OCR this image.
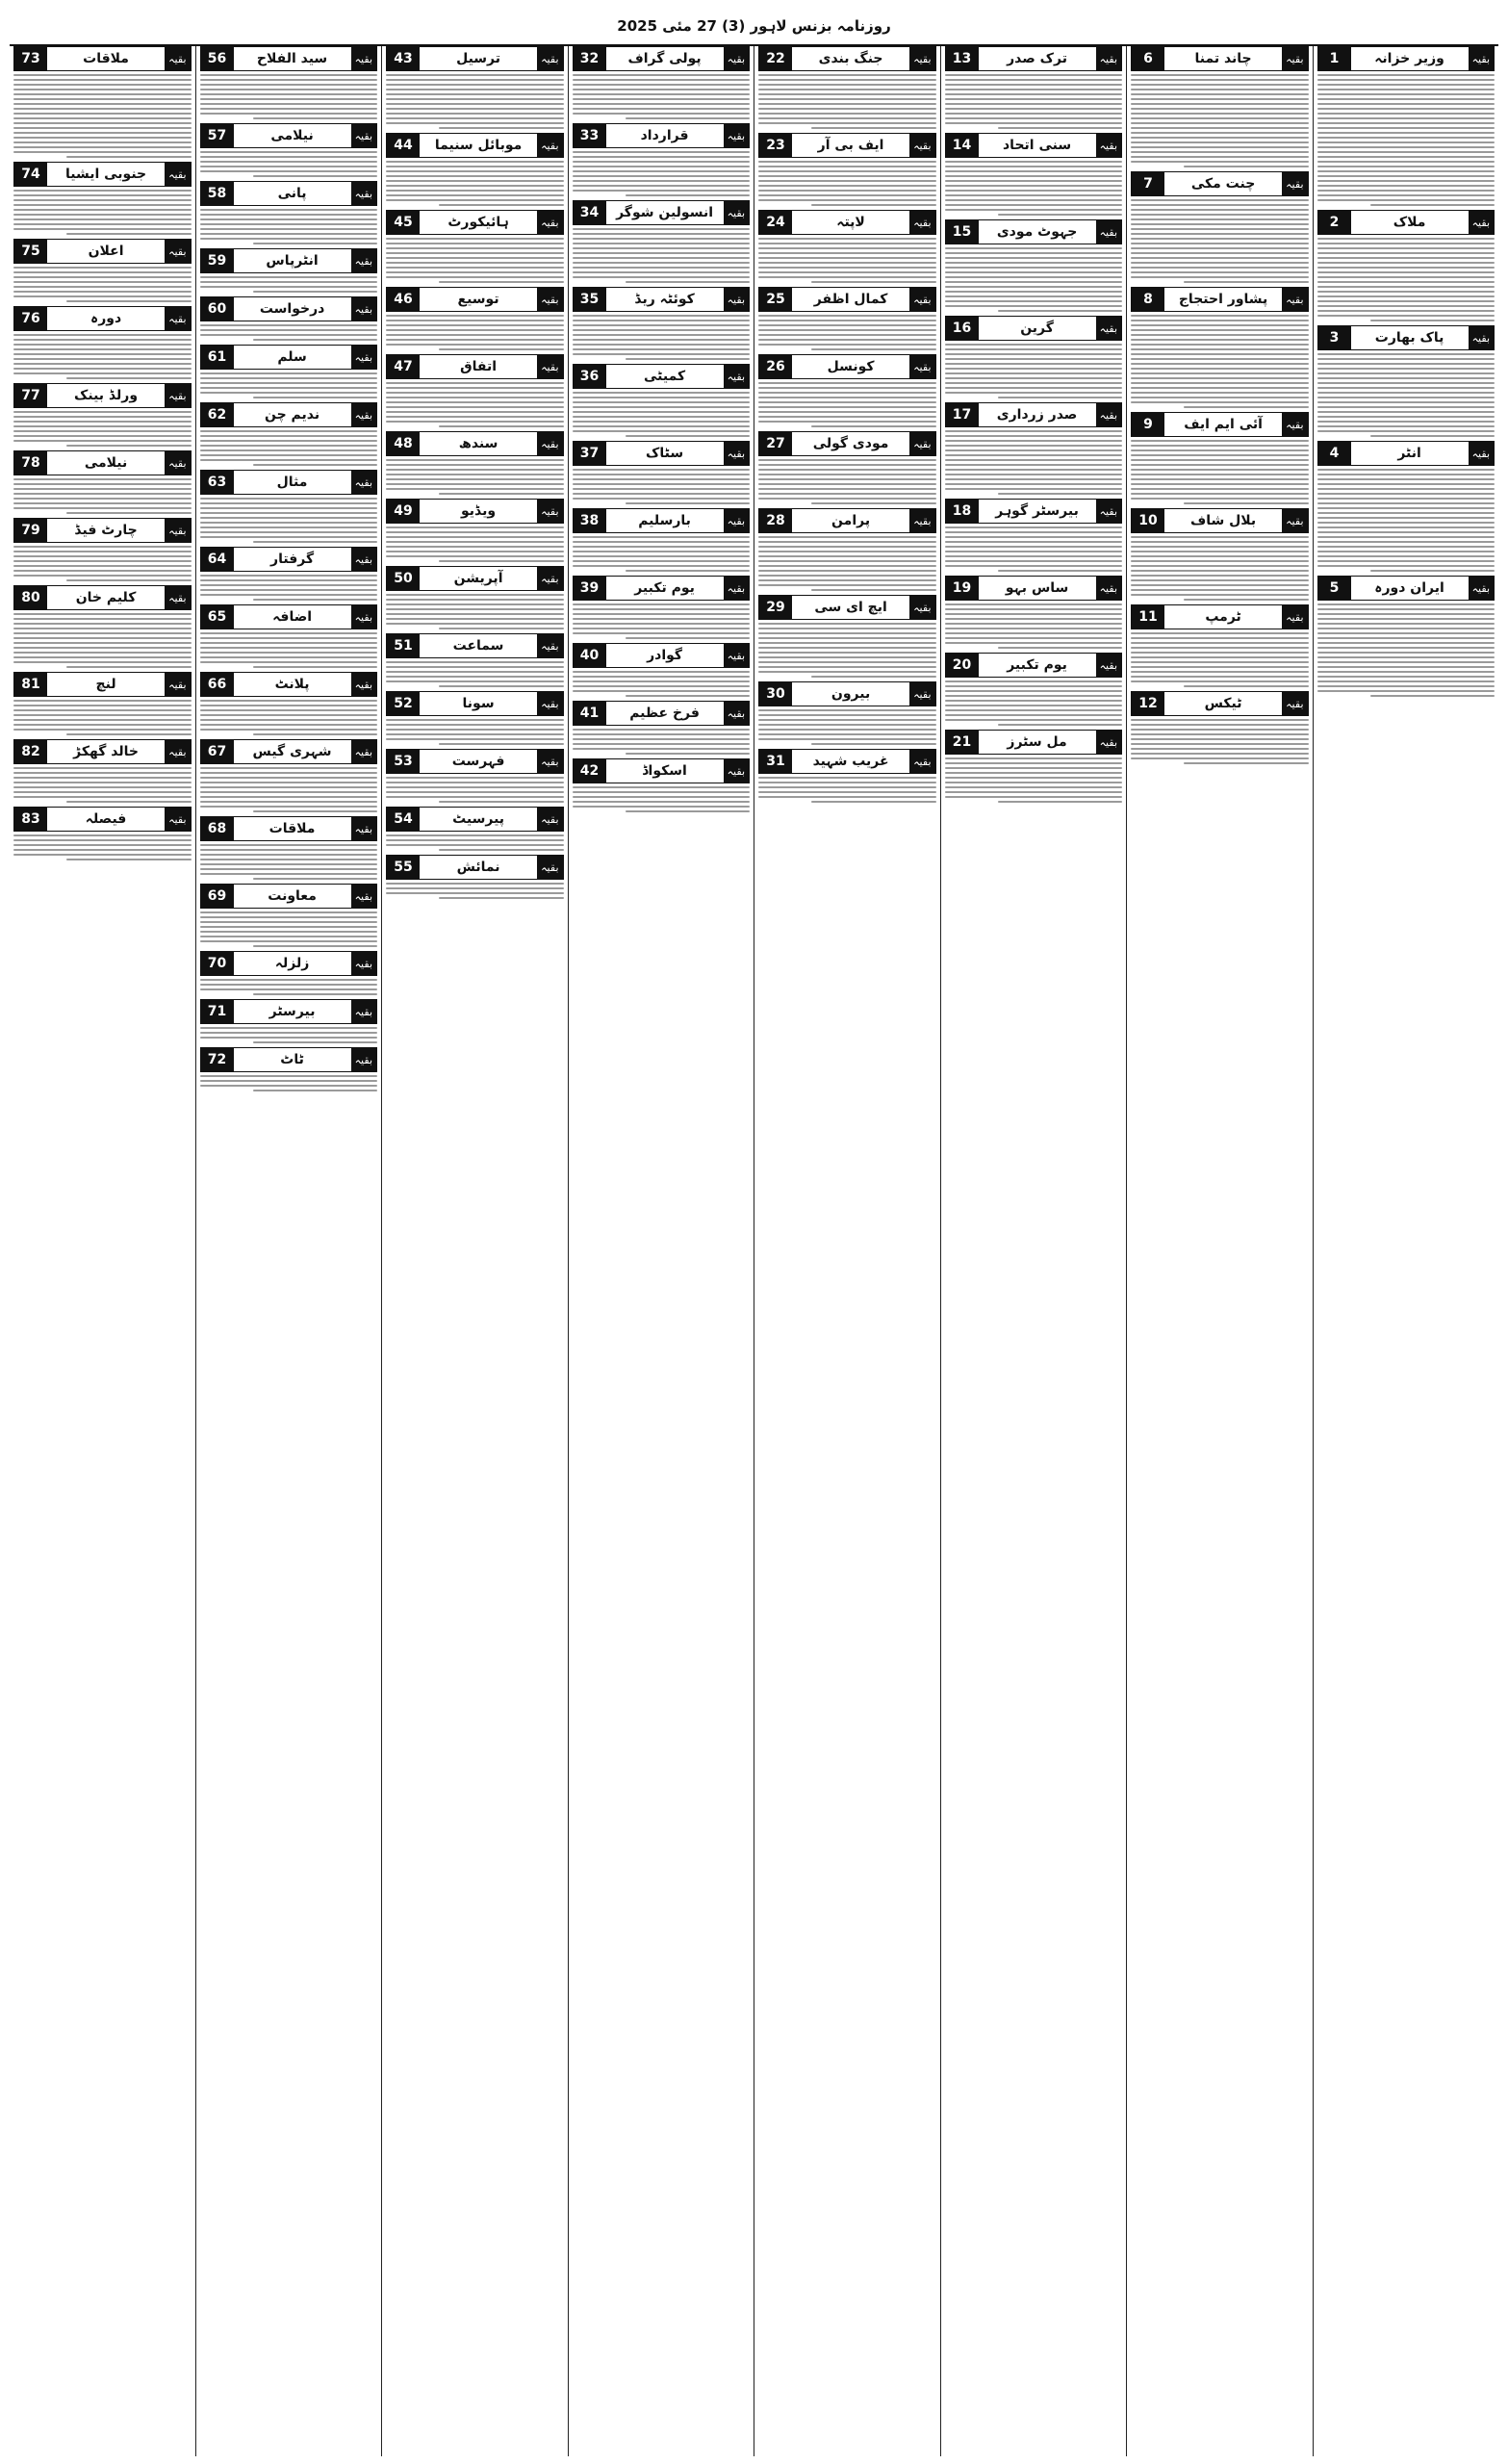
روزنامہ بزنس لاہور (3) 27 مئی 2025
1	وزیر خزانہ	بقیہ
2	ملاک	بقیہ
3	پاک بھارت	بقیہ
4	انٹر	بقیہ
5	ایران دورہ	بقیہ
6	چاند تمنا	بقیہ
7	چنت مکی	بقیہ
8	پشاور احتجاج	بقیہ
9	آئی ایم ایف	بقیہ
10	بلال شاف	بقیہ
11	ٹرمپ	بقیہ
12	ٹیکس	بقیہ
13	ترک صدر	بقیہ
14	سنی اتحاد	بقیہ
15	جہوٹ مودی	بقیہ
16	گرین	بقیہ
17	صدر زرداری	بقیہ
18	بیرسٹر گوہر	بقیہ
19	ساس بہو	بقیہ
20	یوم تکبیر	بقیہ
21	مل سٹرز	بقیہ
22	جنگ بندی	بقیہ
23	ایف بی آر	بقیہ
24	لاپتہ	بقیہ
25	کمال اظفر	بقیہ
26	کونسل	بقیہ
27	مودی گولی	بقیہ
28	پرامن	بقیہ
29	ایچ ای سی	بقیہ
30	بیرون	بقیہ
31	غریب شہید	بقیہ
32	پولی گراف	بقیہ
33	قرارداد	بقیہ
34	انسولین شوگر	بقیہ
35	کوئٹہ ریڈ	بقیہ
36	کمیٹی	بقیہ
37	سٹاک	بقیہ
38	بارسلیم	بقیہ
39	یوم تکبیر	بقیہ
40	گوادر	بقیہ
41	فرخ عظیم	بقیہ
42	اسکواڈ	بقیہ
43	ترسیل	بقیہ
44	موبائل سنیما	بقیہ
45	ہائیکورٹ	بقیہ
46	توسیع	بقیہ
47	اتفاق	بقیہ
48	سندھ	بقیہ
49	ویڈیو	بقیہ
50	آپریشن	بقیہ
51	سماعت	بقیہ
52	سونا	بقیہ
53	فہرست	بقیہ
54	پیرسیٹ	بقیہ
55	نمائش	بقیہ
56	سید الفلاح	بقیہ
57	نیلامی	بقیہ
58	پانی	بقیہ
59	انٹرپاس	بقیہ
60	درخواست	بقیہ
61	سلم	بقیہ
62	ندیم چن	بقیہ
63	مثال	بقیہ
64	گرفتار	بقیہ
65	اضافہ	بقیہ
66	پلانٹ	بقیہ
67	شہری گیس	بقیہ
68	ملاقات	بقیہ
69	معاونت	بقیہ
70	زلزلہ	بقیہ
71	بیرسٹر	بقیہ
72	ٹاٹ	بقیہ
73	ملاقات	بقیہ
74	جنوبی ایشیا	بقیہ
75	اعلان	بقیہ
76	دورہ	بقیہ
77	ورلڈ بینک	بقیہ
78	نیلامی	بقیہ
79	چارٹ فیڈ	بقیہ
80	کلیم خان	بقیہ
81	لنچ	بقیہ
82	خالد گھکڑ	بقیہ
83	فیصلہ	بقیہ
